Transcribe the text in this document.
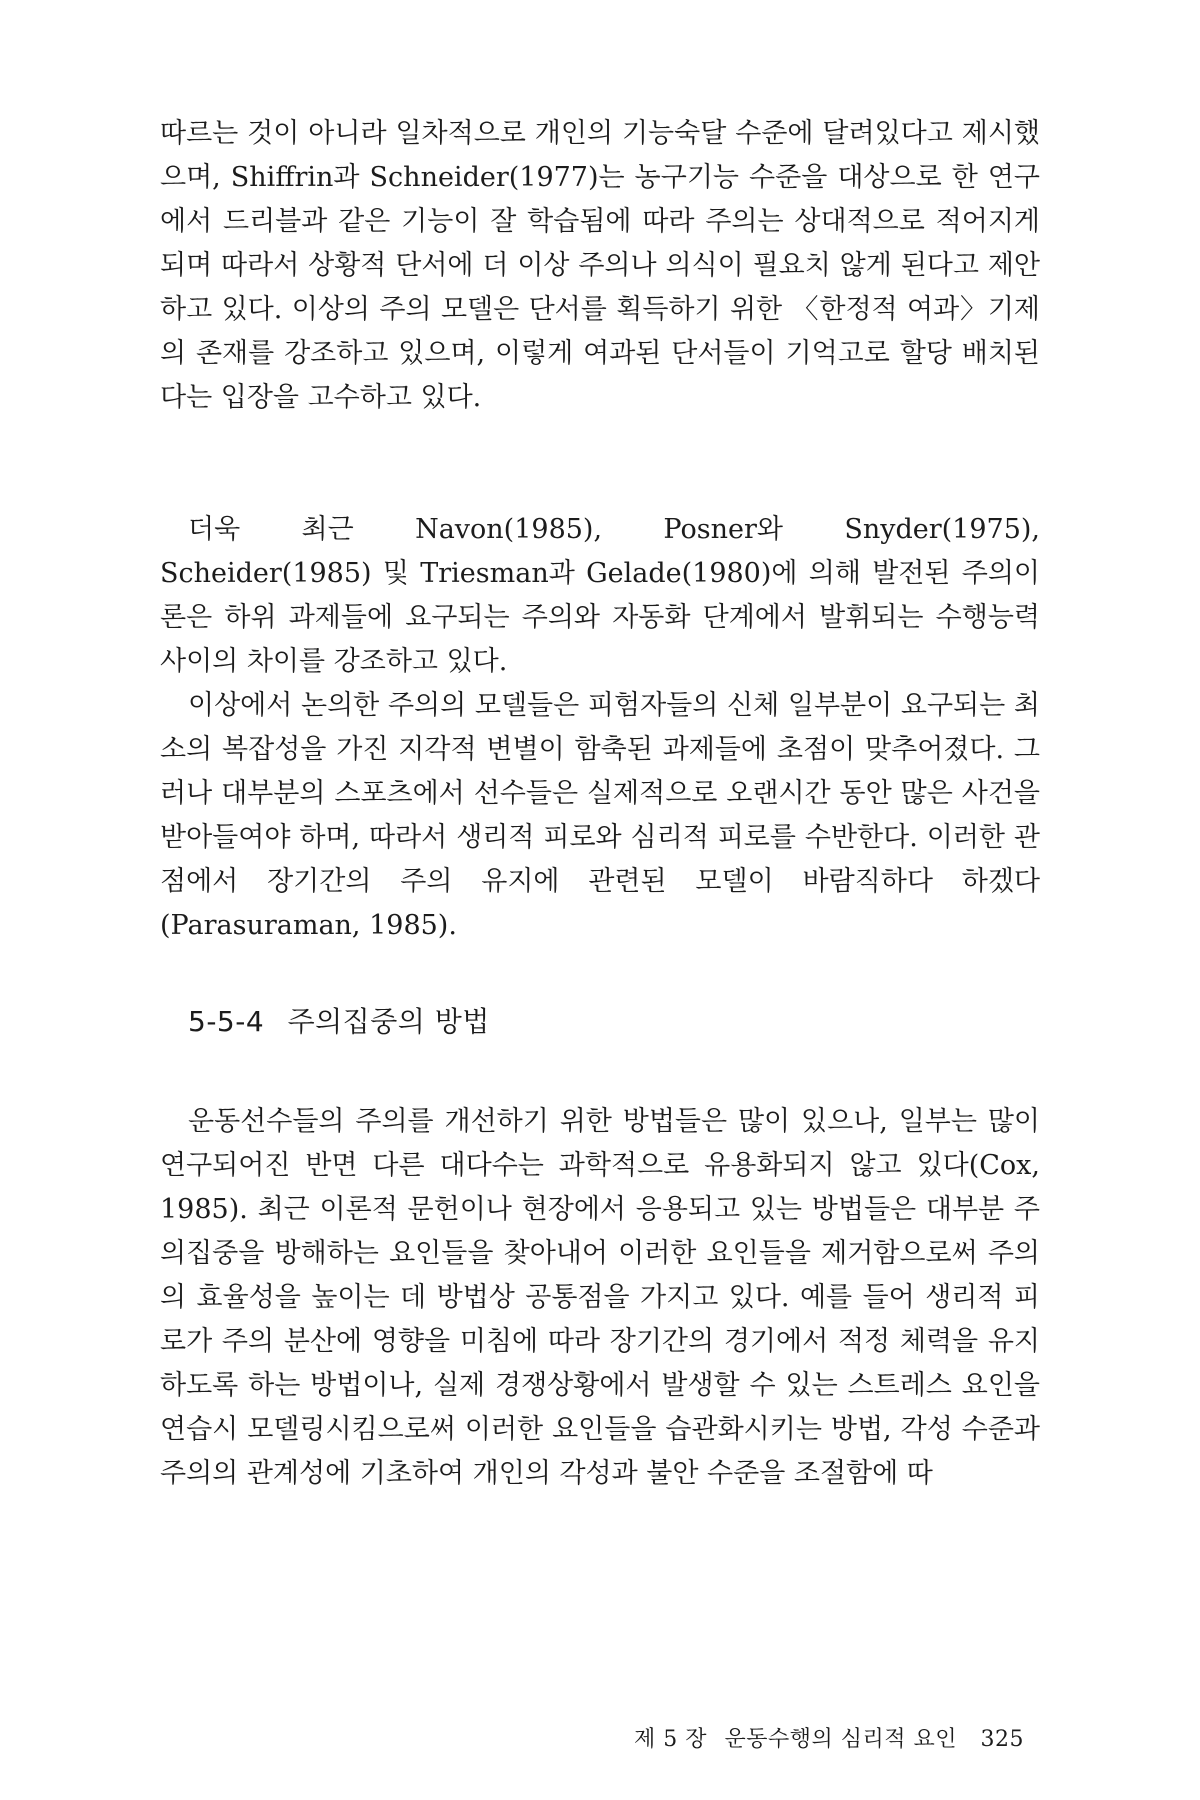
따르는 것이 아니라 일차적으로 개인의 기능숙달 수준에 달려있다고 제시했으며, Shiffrin과 Schneider(1977)는 농구기능 수준을 대상으로 한 연구에서 드리블과 같은 기능이 잘 학습됨에 따라 주의는 상대적으로 적어지게 되며 따라서 상황적 단서에 더 이상 주의나 의식이 필요치 않게 된다고 제안하고 있다. 이상의 주의 모델은 단서를 획득하기 위한 〈한정적 여과〉기제의 존재를 강조하고 있으며, 이렇게 여과된 단서들이 기억고로 할당 배치된다는 입장을 고수하고 있다.

더욱 최근 Navon(1985), Posner와 Snyder(1975), Scheider(1985) 및 Triesman과 Gelade(1980)에 의해 발전된 주의이론은 하위 과제들에 요구되는 주의와 자동화 단계에서 발휘되는 수행능력 사이의 차이를 강조하고 있다.

이상에서 논의한 주의의 모델들은 피험자들의 신체 일부분이 요구되는 최소의 복잡성을 가진 지각적 변별이 함축된 과제들에 초점이 맞추어졌다. 그러나 대부분의 스포츠에서 선수들은 실제적으로 오랜시간 동안 많은 사건을 받아들여야 하며, 따라서 생리적 피로와 심리적 피로를 수반한다. 이러한 관점에서 장기간의 주의 유지에 관련된 모델이 바람직하다 하겠다(Parasuraman, 1985).

5-5-4 주의집중의 방법

운동선수들의 주의를 개선하기 위한 방법들은 많이 있으나, 일부는 많이 연구되어진 반면 다른 대다수는 과학적으로 유용화되지 않고 있다(Cox, 1985). 최근 이론적 문헌이나 현장에서 응용되고 있는 방법들은 대부분 주의집중을 방해하는 요인들을 찾아내어 이러한 요인들을 제거함으로써 주의의 효율성을 높이는 데 방법상 공통점을 가지고 있다. 예를 들어 생리적 피로가 주의 분산에 영향을 미침에 따라 장기간의 경기에서 적정 체력을 유지하도록 하는 방법이나, 실제 경쟁상황에서 발생할 수 있는 스트레스 요인을 연습시 모델링시킴으로써 이러한 요인들을 습관화시키는 방법, 각성 수준과 주의의 관계성에 기초하여 개인의 각성과 불안 수준을 조절함에 따

제 5 장 운동수행의 심리적 요인 325
